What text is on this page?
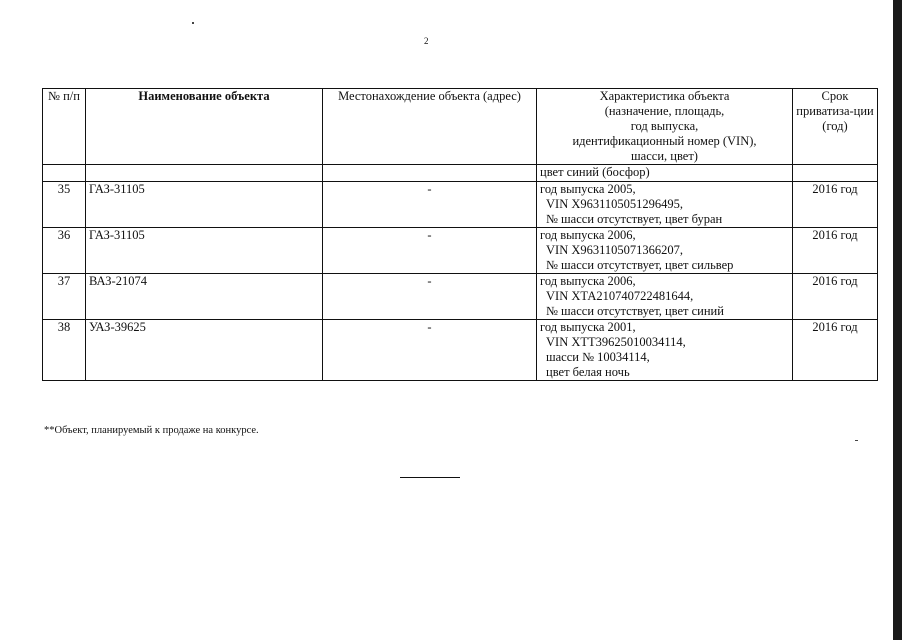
2
№ п/п	Наименование объекта	Местонахождение объекта (адрес)	Характеристика объекта
(назначение, площадь,
год выпуска,
идентификационный номер (VIN),
шасси, цвет)	Срок приватиза-ции (год)

			цвет синий (босфор)	

35	ГАЗ-31105	-	год выпуска 2005,
VIN Х9631105051296495,
№ шасси отсутствует, цвет буран	2016 год
36	ГАЗ-31105	-	год выпуска 2006,
VIN Х9631105071366207,
№ шасси отсутствует, цвет сильвер	2016 год
37	ВАЗ-21074	-	год выпуска 2006,
VIN ХТА210740722481644,
№ шасси отсутствует, цвет синий	2016 год
38	УАЗ-39625	-	год выпуска 2001,
VIN ХТТ39625010034114,
шасси № 10034114,
цвет белая ночь	2016 год
**Объект, планируемый к продаже на конкурсе.
